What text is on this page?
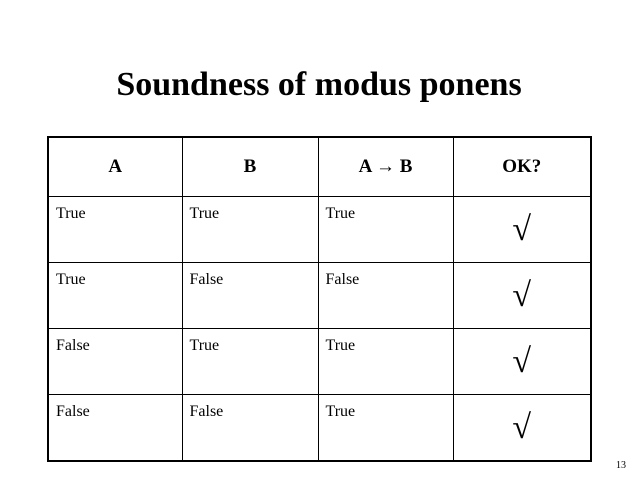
Soundness of modus ponens
A	B	A → B	OK?
True	True	True	√
True	False	False	√
False	True	True	√
False	False	True	√
13
